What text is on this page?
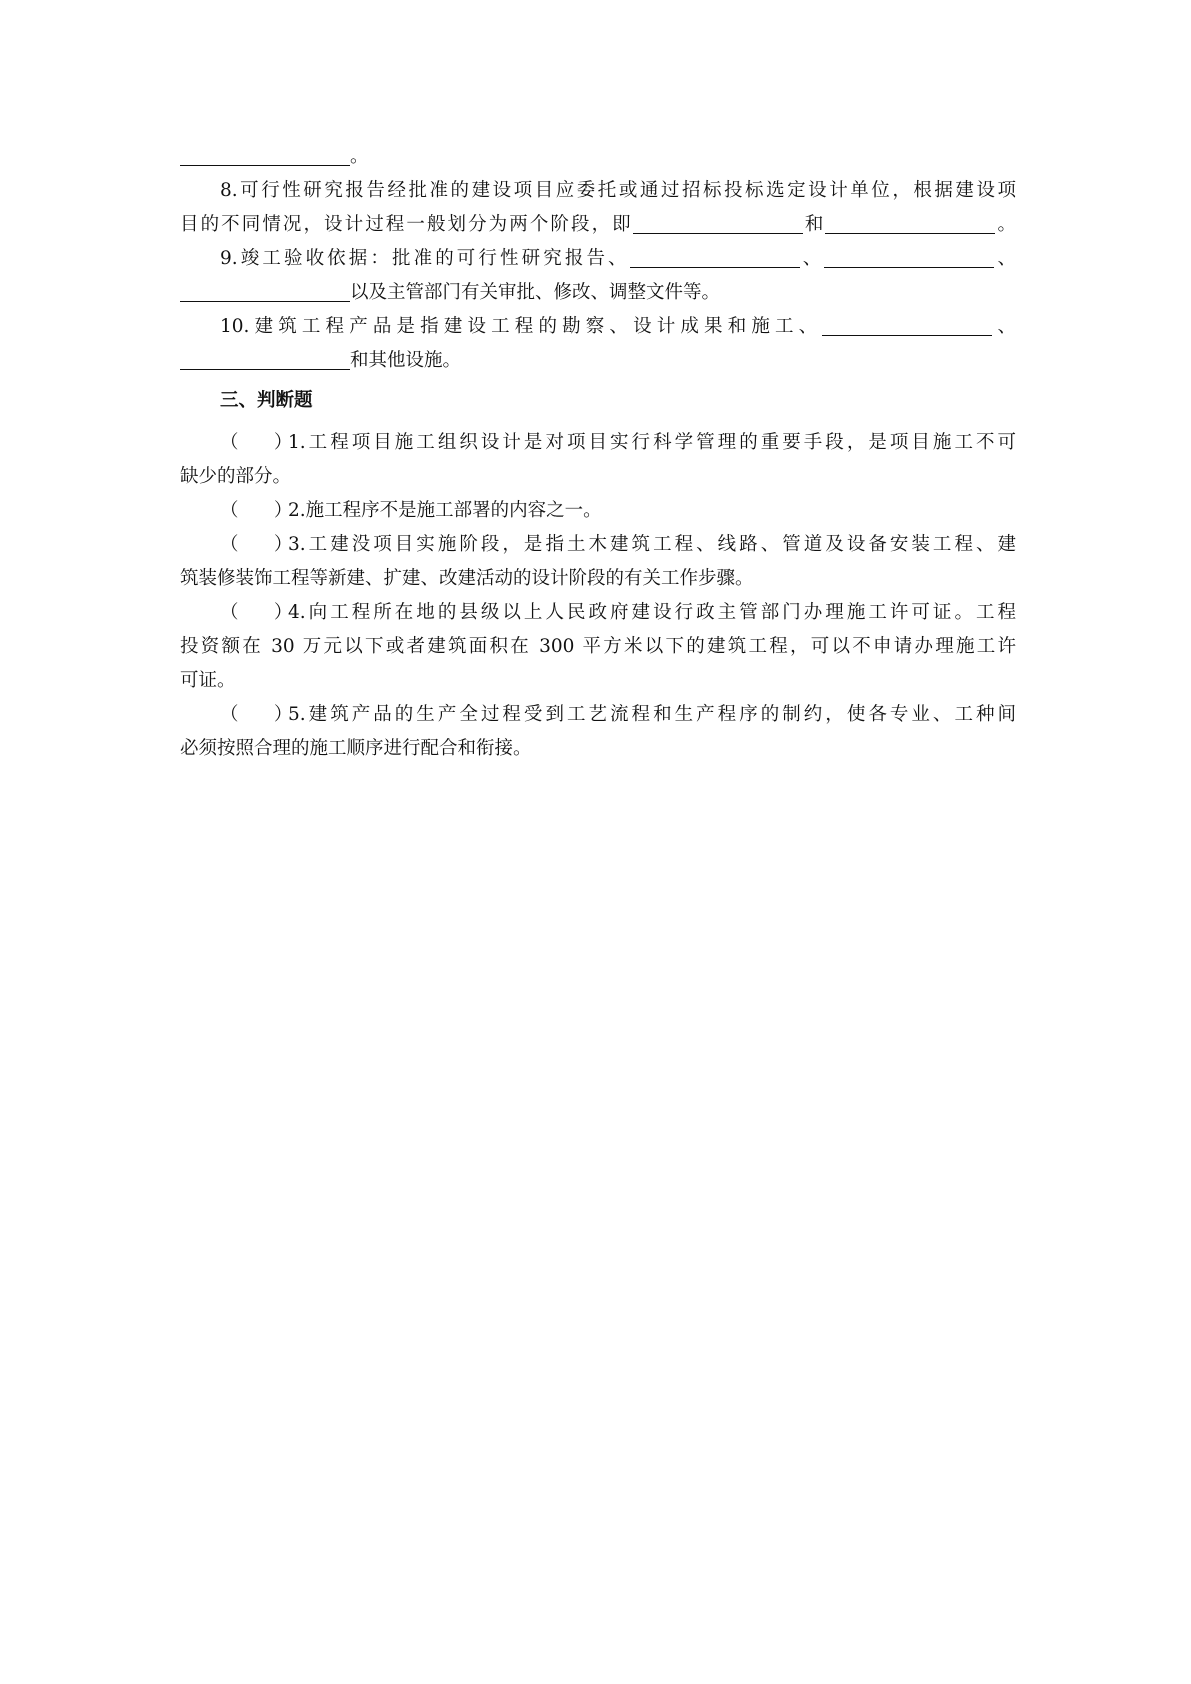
。
8.可行性研究报告经批准的建设项目应委托或通过招标投标选定设计单位，根据建设项
目的不同情况，设计过程一般划分为两个阶段，即	和	。
9.竣工验收依据：批准的可行性研究报告、	、	、
以及主管部门有关审批、修改、调整文件等。
10.建筑工程产品是指建设工程的勘察、设计成果和施工、	、
和其他设施。
三、判断题
（ ）1.工程项目施工组织设计是对项目实行科学管理的重要手段，是项目施工不可
缺少的部分。
（ ）2.施工程序不是施工部署的内容之一。
（ ）3.工建没项目实施阶段，是指土木建筑工程、线路、管道及设备安装工程、建
筑装修装饰工程等新建、扩建、改建活动的设计阶段的有关工作步骤。
（ ）4.向工程所在地的县级以上人民政府建设行政主管部门办理施工许可证。工程
投资额在 30 万元以下或者建筑面积在 300 平方米以下的建筑工程，可以不申请办理施工许
可证。
（ ）5.建筑产品的生产全过程受到工艺流程和生产程序的制约，使各专业、工种间
必须按照合理的施工顺序进行配合和衔接。
